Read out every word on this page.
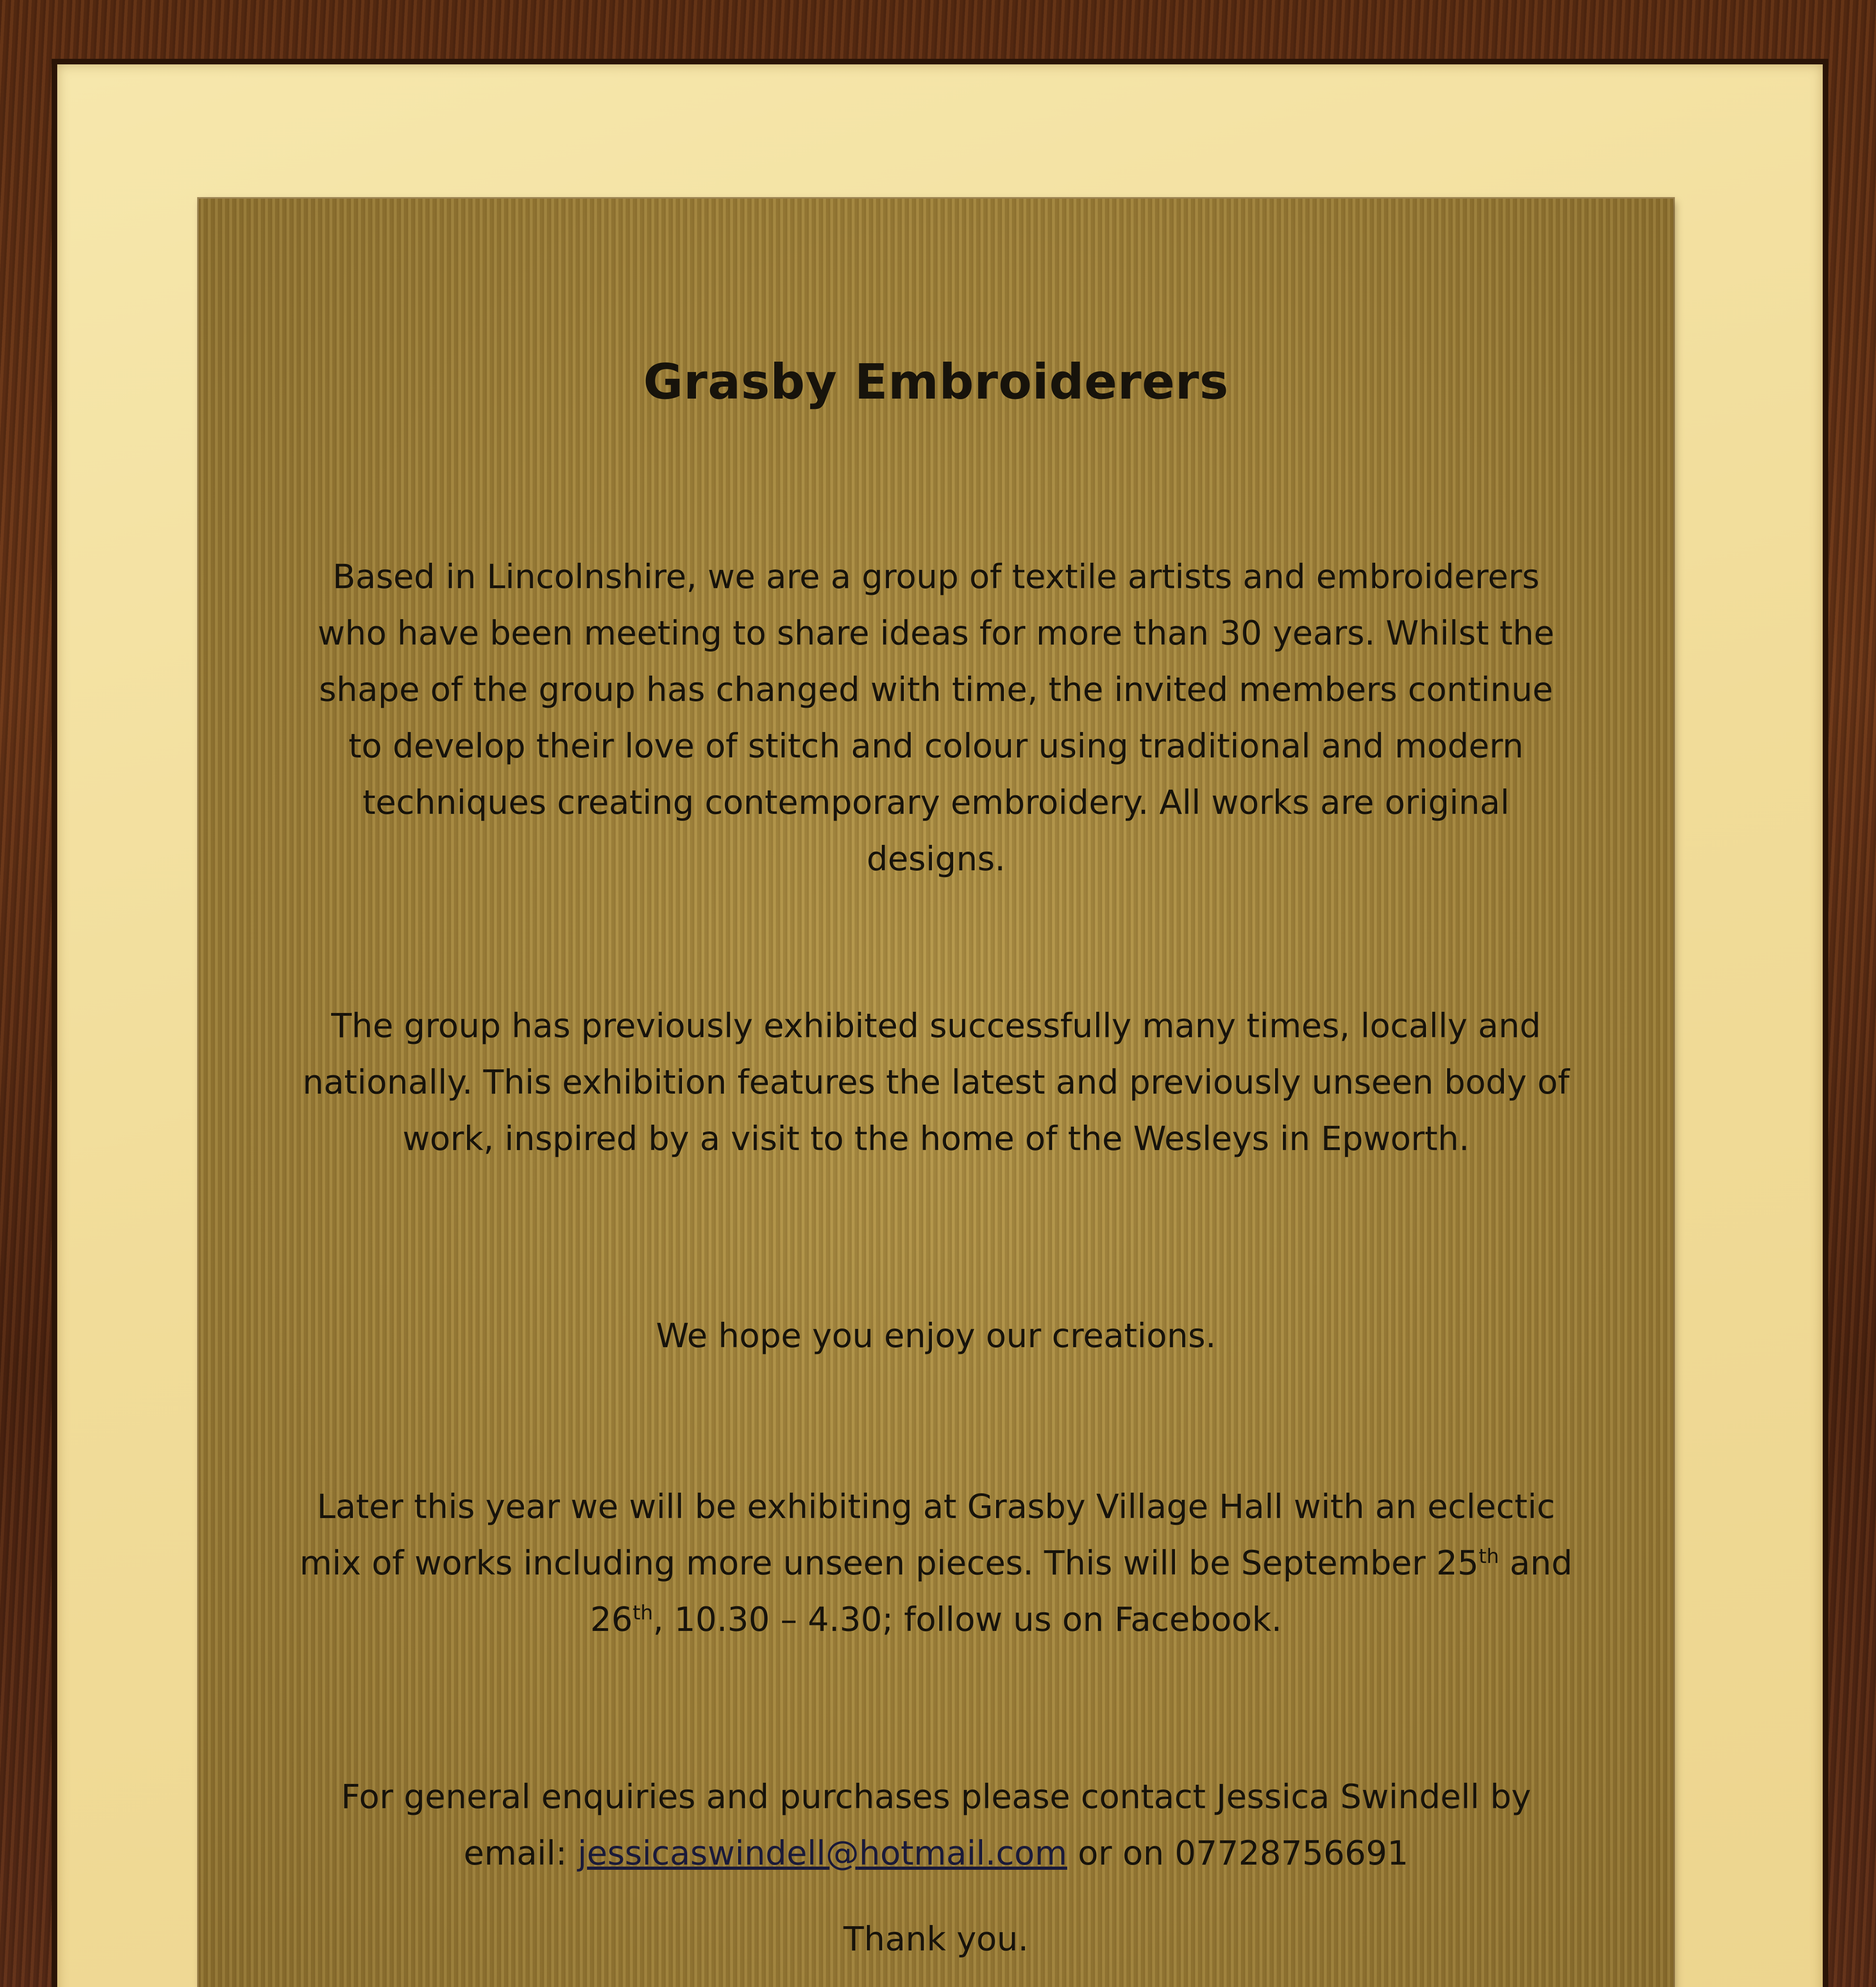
Grasby Embroiderers

Based in Lincolnshire, we are a group of textile artists and embroiderers who have been meeting to share ideas for more than 30 years. Whilst the shape of the group has changed with time, the invited members continue to develop their love of stitch and colour using traditional and modern techniques creating contemporary embroidery. All works are original designs.

The group has previously exhibited successfully many times, locally and nationally. This exhibition features the latest and previously unseen body of work, inspired by a visit to the home of the Wesleys in Epworth.

We hope you enjoy our creations.

Later this year we will be exhibiting at Grasby Village Hall with an eclectic mix of works including more unseen pieces. This will be September 25th and 26th, 10.30 – 4.30; follow us on Facebook.

For general enquiries and purchases please contact Jessica Swindell by email: jessicaswindell@hotmail.com or on 07728756691

Thank you.
